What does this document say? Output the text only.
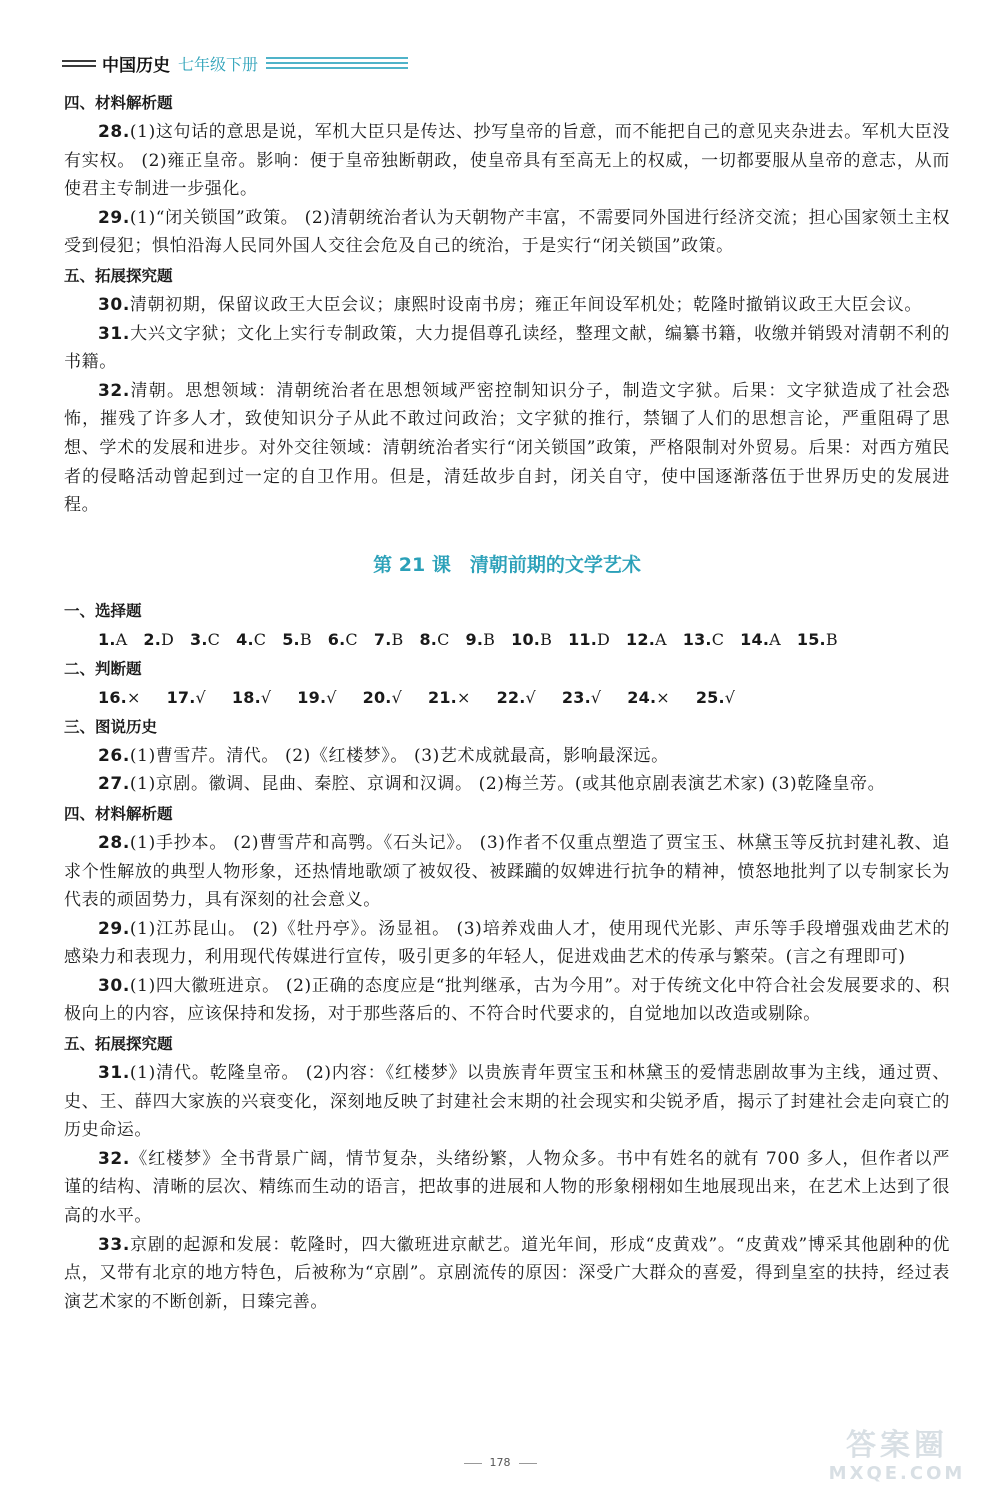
中国历史 七年级下册
四、材料解析题

28.(1)这句话的意思是说，军机大臣只是传达、抄写皇帝的旨意，而不能把自己的意见夹杂进去。军机大臣没有实权。 (2)雍正皇帝。影响：便于皇帝独断朝政，使皇帝具有至高无上的权威，一切都要服从皇帝的意志，从而使君主专制进一步强化。

29.(1)“闭关锁国”政策。 (2)清朝统治者认为天朝物产丰富，不需要同外国进行经济交流；担心国家领土主权受到侵犯；惧怕沿海人民同外国人交往会危及自己的统治，于是实行“闭关锁国”政策。

五、拓展探究题

30.清朝初期，保留议政王大臣会议；康熙时设南书房；雍正年间设军机处；乾隆时撤销议政王大臣会议。

31.大兴文字狱；文化上实行专制政策，大力提倡尊孔读经，整理文献，编纂书籍，收缴并销毁对清朝不利的书籍。

32.清朝。思想领域：清朝统治者在思想领域严密控制知识分子，制造文字狱。后果：文字狱造成了社会恐怖，摧残了许多人才，致使知识分子从此不敢过问政治；文字狱的推行，禁锢了人们的思想言论，严重阻碍了思想、学术的发展和进步。对外交往领域：清朝统治者实行“闭关锁国”政策，严格限制对外贸易。后果：对西方殖民者的侵略活动曾起到过一定的自卫作用。但是，清廷故步自封，闭关自守，使中国逐渐落伍于世界历史的发展进程。

第 21 课　清朝前期的文学艺术
一、选择题
1.A 2.D 3.C 4.C 5.B 6.C 7.B 8.C 9.B 10.B 11.D 12.A 13.C 14.A 15.B
二、判断题
16.× 17.√ 18.√ 19.√ 20.√ 21.× 22.√ 23.√ 24.× 25.√
三、图说历史

26.(1)曹雪芹。清代。 (2)《红楼梦》。 (3)艺术成就最高，影响最深远。

27.(1)京剧。徽调、昆曲、秦腔、京调和汉调。 (2)梅兰芳。(或其他京剧表演艺术家) (3)乾隆皇帝。

四、材料解析题

28.(1)手抄本。 (2)曹雪芹和高鹗。《石头记》。 (3)作者不仅重点塑造了贾宝玉、林黛玉等反抗封建礼教、追求个性解放的典型人物形象，还热情地歌颂了被奴役、被蹂躏的奴婢进行抗争的精神，愤怒地批判了以专制家长为代表的顽固势力，具有深刻的社会意义。

29.(1)江苏昆山。 (2)《牡丹亭》。汤显祖。 (3)培养戏曲人才，使用现代光影、声乐等手段增强戏曲艺术的感染力和表现力，利用现代传媒进行宣传，吸引更多的年轻人，促进戏曲艺术的传承与繁荣。(言之有理即可)

30.(1)四大徽班进京。 (2)正确的态度应是“批判继承，古为今用”。对于传统文化中符合社会发展要求的、积极向上的内容，应该保持和发扬，对于那些落后的、不符合时代要求的，自觉地加以改造或剔除。

五、拓展探究题

31.(1)清代。乾隆皇帝。 (2)内容：《红楼梦》以贵族青年贾宝玉和林黛玉的爱情悲剧故事为主线，通过贾、史、王、薛四大家族的兴衰变化，深刻地反映了封建社会末期的社会现实和尖锐矛盾，揭示了封建社会走向衰亡的历史命运。

32.《红楼梦》全书背景广阔，情节复杂，头绪纷繁，人物众多。书中有姓名的就有 700 多人，但作者以严谨的结构、清晰的层次、精练而生动的语言，把故事的进展和人物的形象栩栩如生地展现出来，在艺术上达到了很高的水平。

33.京剧的起源和发展：乾隆时，四大徽班进京献艺。道光年间，形成“皮黄戏”。“皮黄戏”博采其他剧种的优点，又带有北京的地方特色，后被称为“京剧”。京剧流传的原因：深受广大群众的喜爱，得到皇室的扶持，经过表演艺术家的不断创新，日臻完善。

178	答案圈
MXQE.COM
